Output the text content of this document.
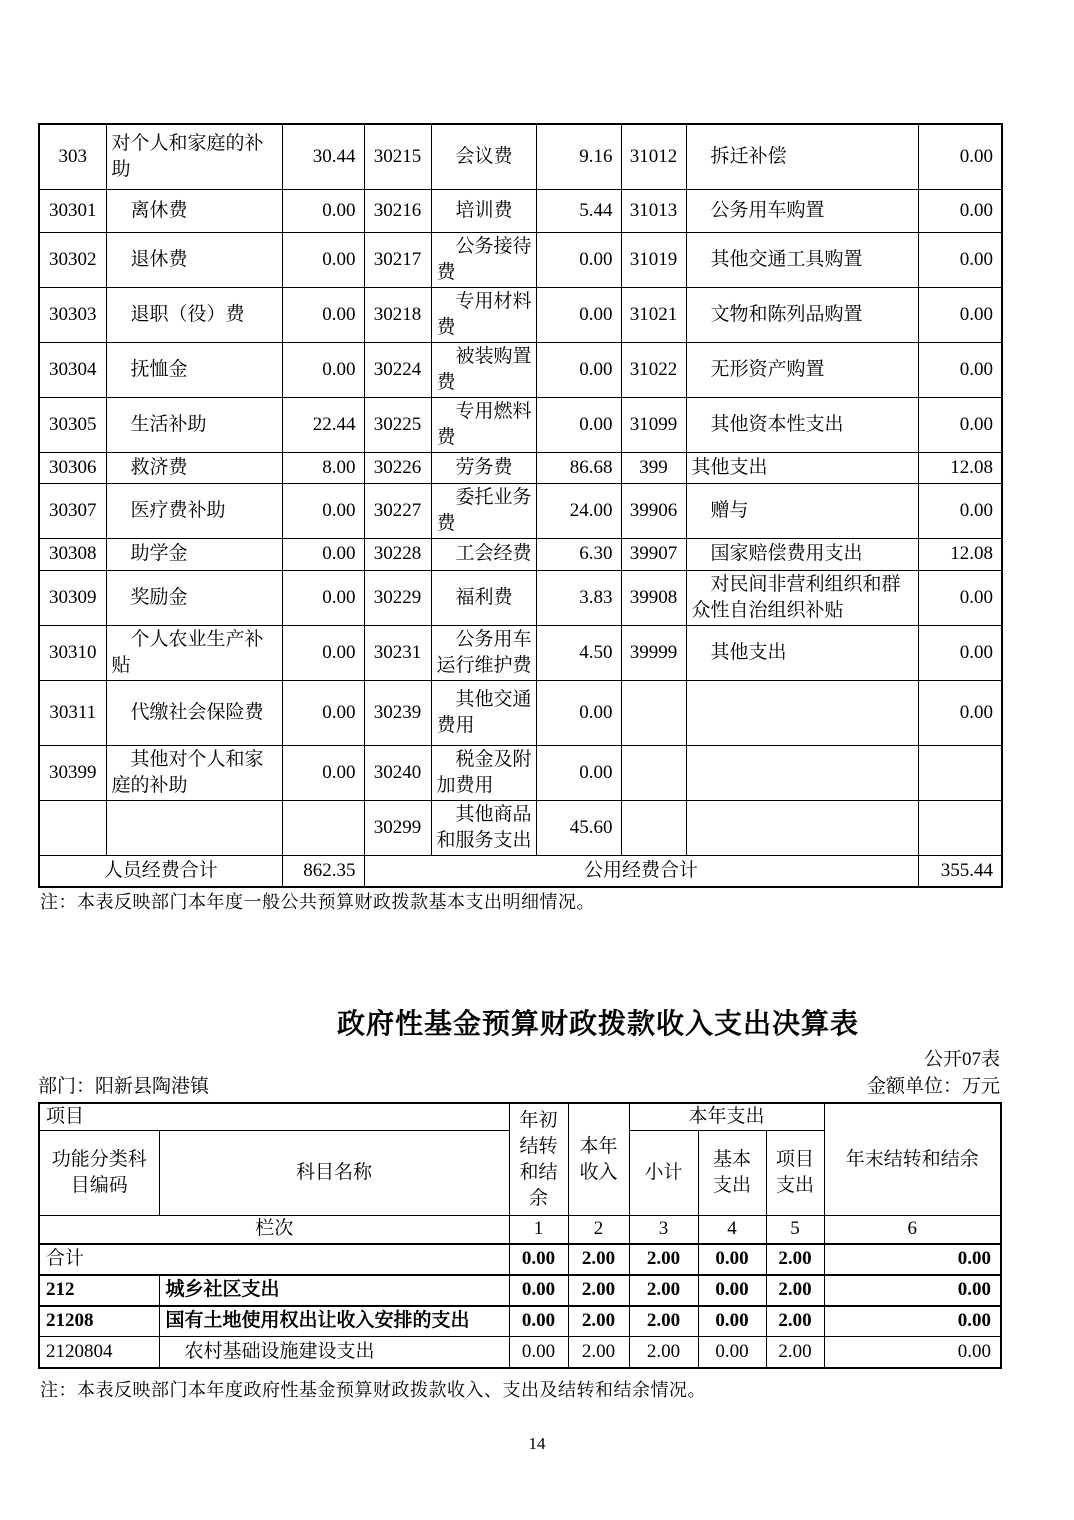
303	对个人和家庭的补助	30.44	30215	会议费	9.16	31012	拆迁补偿	0.00
30301	离休费	0.00	30216	培训费	5.44	31013	公务用车购置	0.00
30302	退休费	0.00	30217	公务接待费	0.00	31019	其他交通工具购置	0.00
30303	退职（役）费	0.00	30218	专用材料费	0.00	31021	文物和陈列品购置	0.00
30304	抚恤金	0.00	30224	被装购置费	0.00	31022	无形资产购置	0.00
30305	生活补助	22.44	30225	专用燃料费	0.00	31099	其他资本性支出	0.00
30306	救济费	8.00	30226	劳务费	86.68	399	其他支出	12.08
30307	医疗费补助	0.00	30227	委托业务费	24.00	39906	赠与	0.00
30308	助学金	0.00	30228	工会经费	6.30	39907	国家赔偿费用支出	12.08
30309	奖励金	0.00	30229	福利费	3.83	39908	对民间非营利组织和群众性自治组织补贴	0.00
30310	个人农业生产补贴	0.00	30231	公务用车运行维护费	4.50	39999	其他支出	0.00
30311	代缴社会保险费	0.00	30239	其他交通费用	0.00			0.00
30399	其他对个人和家庭的补助	0.00	30240	税金及附加费用	0.00			
			30299	其他商品和服务支出	45.60			
人员经费合计		862.35	公用经费合计					355.44
注：本表反映部门本年度一般公共预算财政拨款基本支出明细情况。
政府性基金预算财政拨款收入支出决算表
公开07表
部门：阳新县陶港镇	金额单位：万元
项目		年初结转和结余	本年收入	本年支出			年末结转和结余
功能分类科目编码	科目名称			小计	基本支出	项目支出	
栏次		1	2	3	4	5	6
合计		0.00	2.00	2.00	0.00	2.00	0.00
212	城乡社区支出	0.00	2.00	2.00	0.00	2.00	0.00
21208	国有土地使用权出让收入安排的支出	0.00	2.00	2.00	0.00	2.00	0.00
2120804	农村基础设施建设支出	0.00	2.00	2.00	0.00	2.00	0.00
注：本表反映部门本年度政府性基金预算财政拨款收入、支出及结转和结余情况。
14
